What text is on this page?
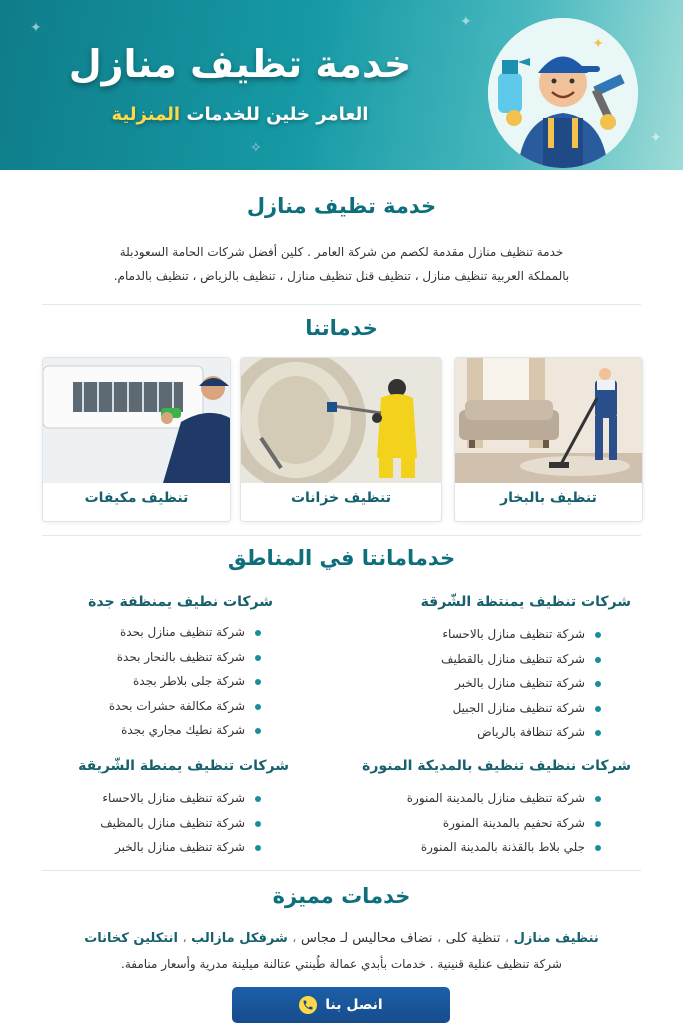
✦	✦
✧
✦
خدمة تظيف منازل
العامر خلين للخدمات المنزلية
✦
✦
خدمة تظيف منازل
خدمة تنظيف منازل مقدمة لكصم من شركة العامر . كلين أفضل شركات الحامة السعودبلة
بالمملكة العربية تنظيف منازل ، تنظيف قنل تنظيف منازل ، تنظيف بالزياض ، تنظيف بالدمام.
خدماتنا
تنظيف بالبخار
تنظيف خزانات
تنظيف مكيفات
خدمامانتا في المناطق
شركات تنظيف يمنتظة الشّرقة
شركة تنظيف منازل بالاحساء
شركة تنظيف منازل بالقطيف
شركة تنظيف منازل بالخبر
شركة تنظيف منازل الجبيل
شركة تنظافة بالرياض
شركات نطيف يمنظفة جدة
شركة تنظيف منازل بحدة
شركة تنظيف بالنحار بحدة
شركة جلى بلاطر بجدة
شركة مكالفة حشرات بحدة
شركة نطيك مجاري بجدة
شركات ننظيف تنظيف بالمديكة المنورة
شركة تنظيف منازل بالمدينة المنورة
شركة نحفيم بالمدينة المنورة
جلي بلاط بالقذنة بالمدينة المنورة
شركات تنظيف يمنطة الشّريقة
شركة تنظيف منازل بالاحساء
شركة تنظيف منازل بالمظيف
شركة تنظيف منازل بالخبر
خدمات مميزة
ننظيف منازل ، تنظية كلى ، نضاف محاليس لـ مجاس ، شرفكل مازالب ، انتكلين كخانات
شركة تنظيف عنلية قنينية . خدمات بأبدي عمالة طُينتي عتالنة ميلينة مدرية وأسعار منامفة.
انصل بنا
